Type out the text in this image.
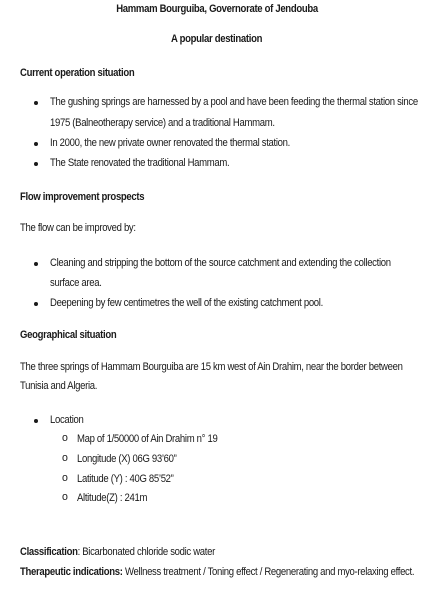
Hammam Bourguiba, Governorate of Jendouba
A popular destination
Current operation situation
The gushing springs are harnessed by a pool and have been feeding the thermal station since
1975 (Balneotherapy service) and a traditional Hammam.
In 2000, the new private owner renovated the thermal station.
The State renovated the traditional Hammam.
Flow improvement prospects
The flow can be improved by:
Cleaning and stripping the bottom of the source catchment and extending the collection
surface area.
Deepening by few centimetres the well of the existing catchment pool.
Geographical situation
The three springs of Hammam Bourguiba are 15 km west of Ain Drahim, near the border between
Tunisia and Algeria.
Location
o Map of 1/50000 of Ain Drahim n° 19
o Longitude (X) 06G 93’60”
o Latitude (Y) : 40G 85’52”
o Altitude(Z) : 241m
Classification: Bicarbonated chloride sodic water
Therapeutic indications: Wellness treatment / Toning effect / Regenerating and myo-relaxing effect.
